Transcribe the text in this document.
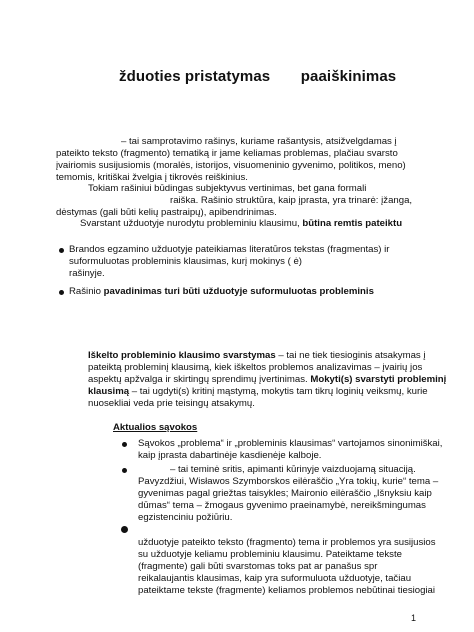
žduoties pristatymas paaiškinimas
– tai samprotavimo rašinys, kuriame rašantysis, atsižvelgdamas į
pateikto teksto (fragmento) tematiką ir jame keliamas problemas, plačiau svarsto
įvairiomis susijusiomis (moralės, istorijos, visuomeninio gyvenimo, politikos, meno)
temomis, kritiškai žvelgia į tikrovės reiškinius.
Tokiam rašiniui būdingas subjektyvus vertinimas, bet gana formali
raiška. Rašinio struktūra, kaip įprasta, yra trinarė: įžanga,
dėstymas (gali būti kelių pastraipų), apibendrinimas.
Svarstant užduotyje nurodytu probleminiu klausimu, būtina remtis pateiktu
Brandos egzamino užduotyje pateikiamas literatūros tekstas (fragmentas) ir
suformuluotas probleminis klausimas, kurį mokinys ( ė)
rašinyje.
Rašinio pavadinimas turi būti užduotyje suformuluotas probleminis
Iškelto probleminio klausimo svarstymas – tai ne tiek tiesioginis atsakymas į
pateiktą probleminį klausimą, kiek iškeltos problemos analizavimas – įvairių jos
aspektų apžvalga ir skirtingų sprendimų įvertinimas. Mokyti(s) svarstyti probleminį
klausimą – tai ugdyti(s) kritinį mąstymą, mokytis tam tikrų loginių veiksmų, kurie
nuosekliai veda prie teisingų atsakymų.
Aktualios sąvokos
Sąvokos „problema“ ir „probleminis klausimas“ vartojamos sinonimiškai,
kaip įprasta dabartinėje kasdienėje kalboje.
– tai teminė sritis, apimanti kūrinyje vaizduojamą situaciją.
Pavyzdžiui, Wisławos Szymborskos eilėraščio „Yra tokių, kurie“ tema –
gyvenimas pagal griežtas taisykles; Maironio eilėraščio „Išnyksiu kaip
dūmas“ tema – žmogaus gyvenimo praeinamybė, nereikšmingumas
egzistenciniu požiūriu.
užduotyje pateikto teksto (fragmento) tema ir problemos yra susijusios
su užduotyje keliamu probleminiu klausimu. Pateiktame tekste
(fragmente) gali būti svarstomas toks pat ar panašus spr
reikalaujantis klausimas, kaip yra suformuluota užduotyje, tačiau
pateiktame tekste (fragmente) keliamos problemos nebūtinai tiesiogiai
1
